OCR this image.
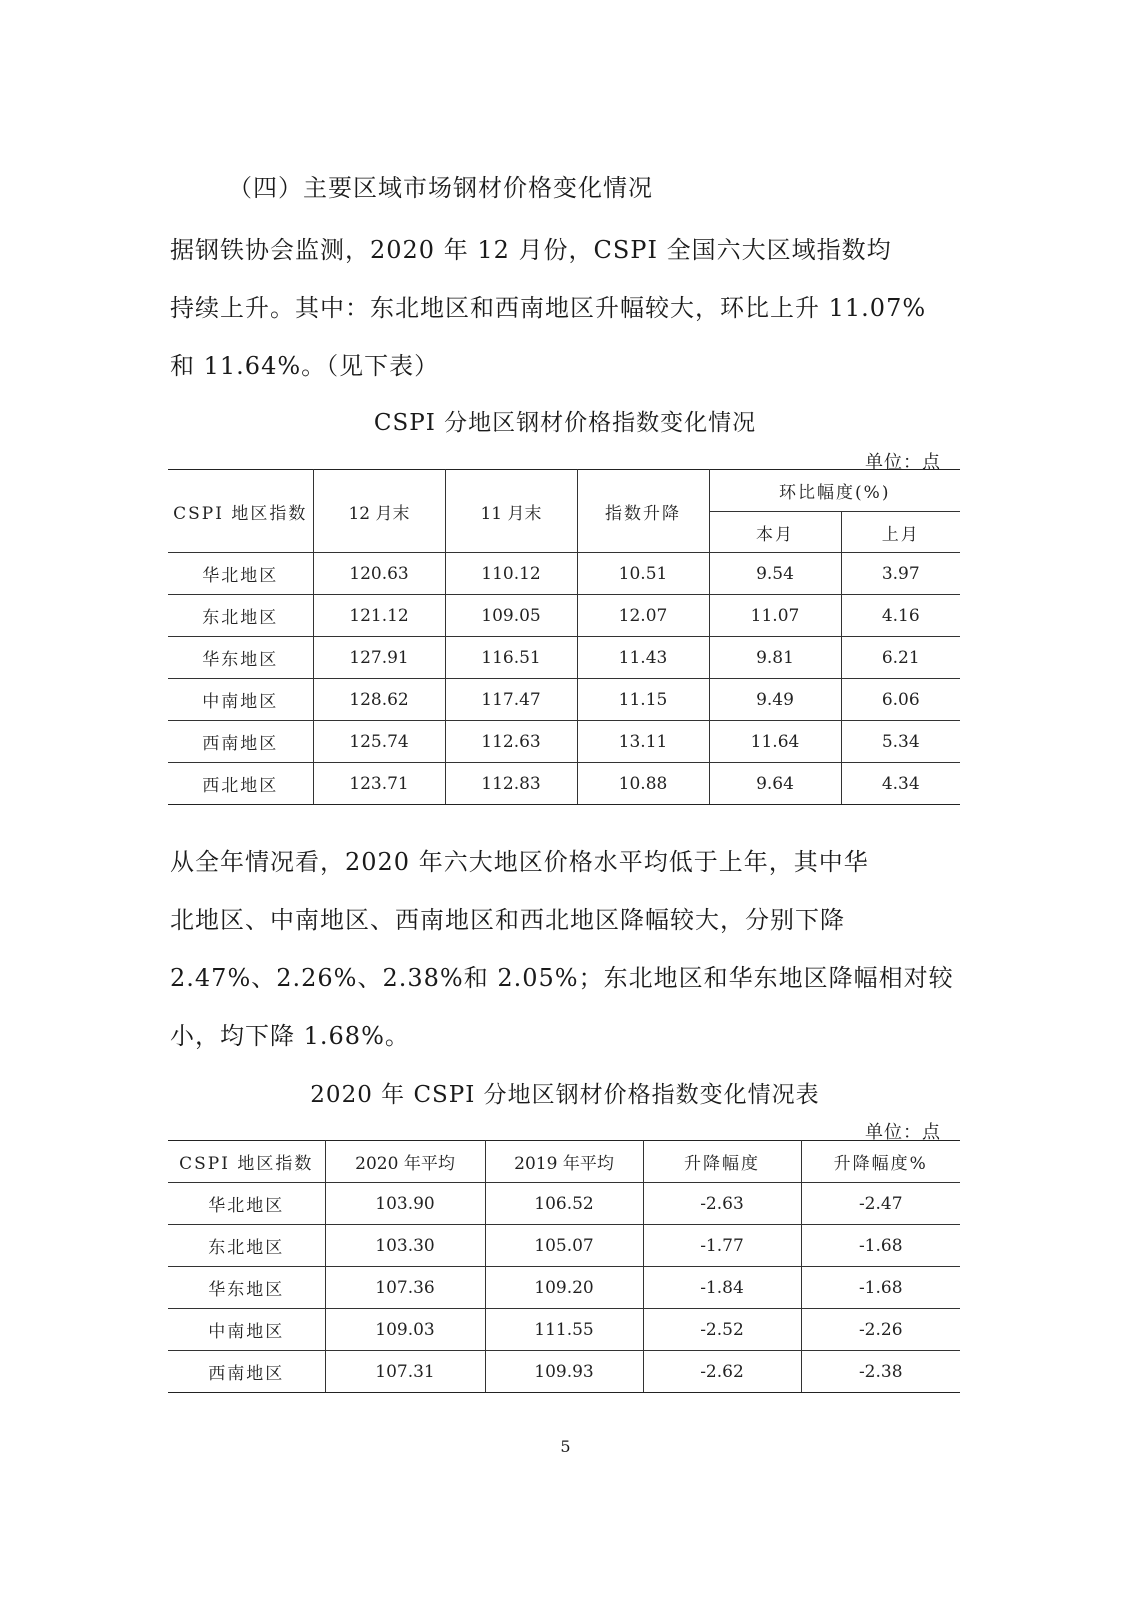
（四）主要区域市场钢材价格变化情况
据钢铁协会监测，2020 年 12 月份，CSPI 全国六大区域指数均
持续上升。其中：东北地区和西南地区升幅较大，环比上升 11.07%
和 11.64%。（见下表）
CSPI 分地区钢材价格指数变化情况
单位：点
CSPI 地区指数	12 月末	11 月末	指数升降	环比幅度(%)	
				本月	上月
华北地区	120.63	110.12	10.51	9.54	3.97
东北地区	121.12	109.05	12.07	11.07	4.16
华东地区	127.91	116.51	11.43	9.81	6.21
中南地区	128.62	117.47	11.15	9.49	6.06
西南地区	125.74	112.63	13.11	11.64	5.34
西北地区	123.71	112.83	10.88	9.64	4.34
从全年情况看，2020 年六大地区价格水平均低于上年，其中华
北地区、中南地区、西南地区和西北地区降幅较大，分别下降
2.47%、2.26%、2.38%和 2.05%；东北地区和华东地区降幅相对较
小，均下降 1.68%。
2020 年 CSPI 分地区钢材价格指数变化情况表
单位：点
CSPI 地区指数	2020 年平均	2019 年平均	升降幅度	升降幅度%
华北地区	103.90	106.52	-2.63	-2.47
东北地区	103.30	105.07	-1.77	-1.68
华东地区	107.36	109.20	-1.84	-1.68
中南地区	109.03	111.55	-2.52	-2.26
西南地区	107.31	109.93	-2.62	-2.38
5
